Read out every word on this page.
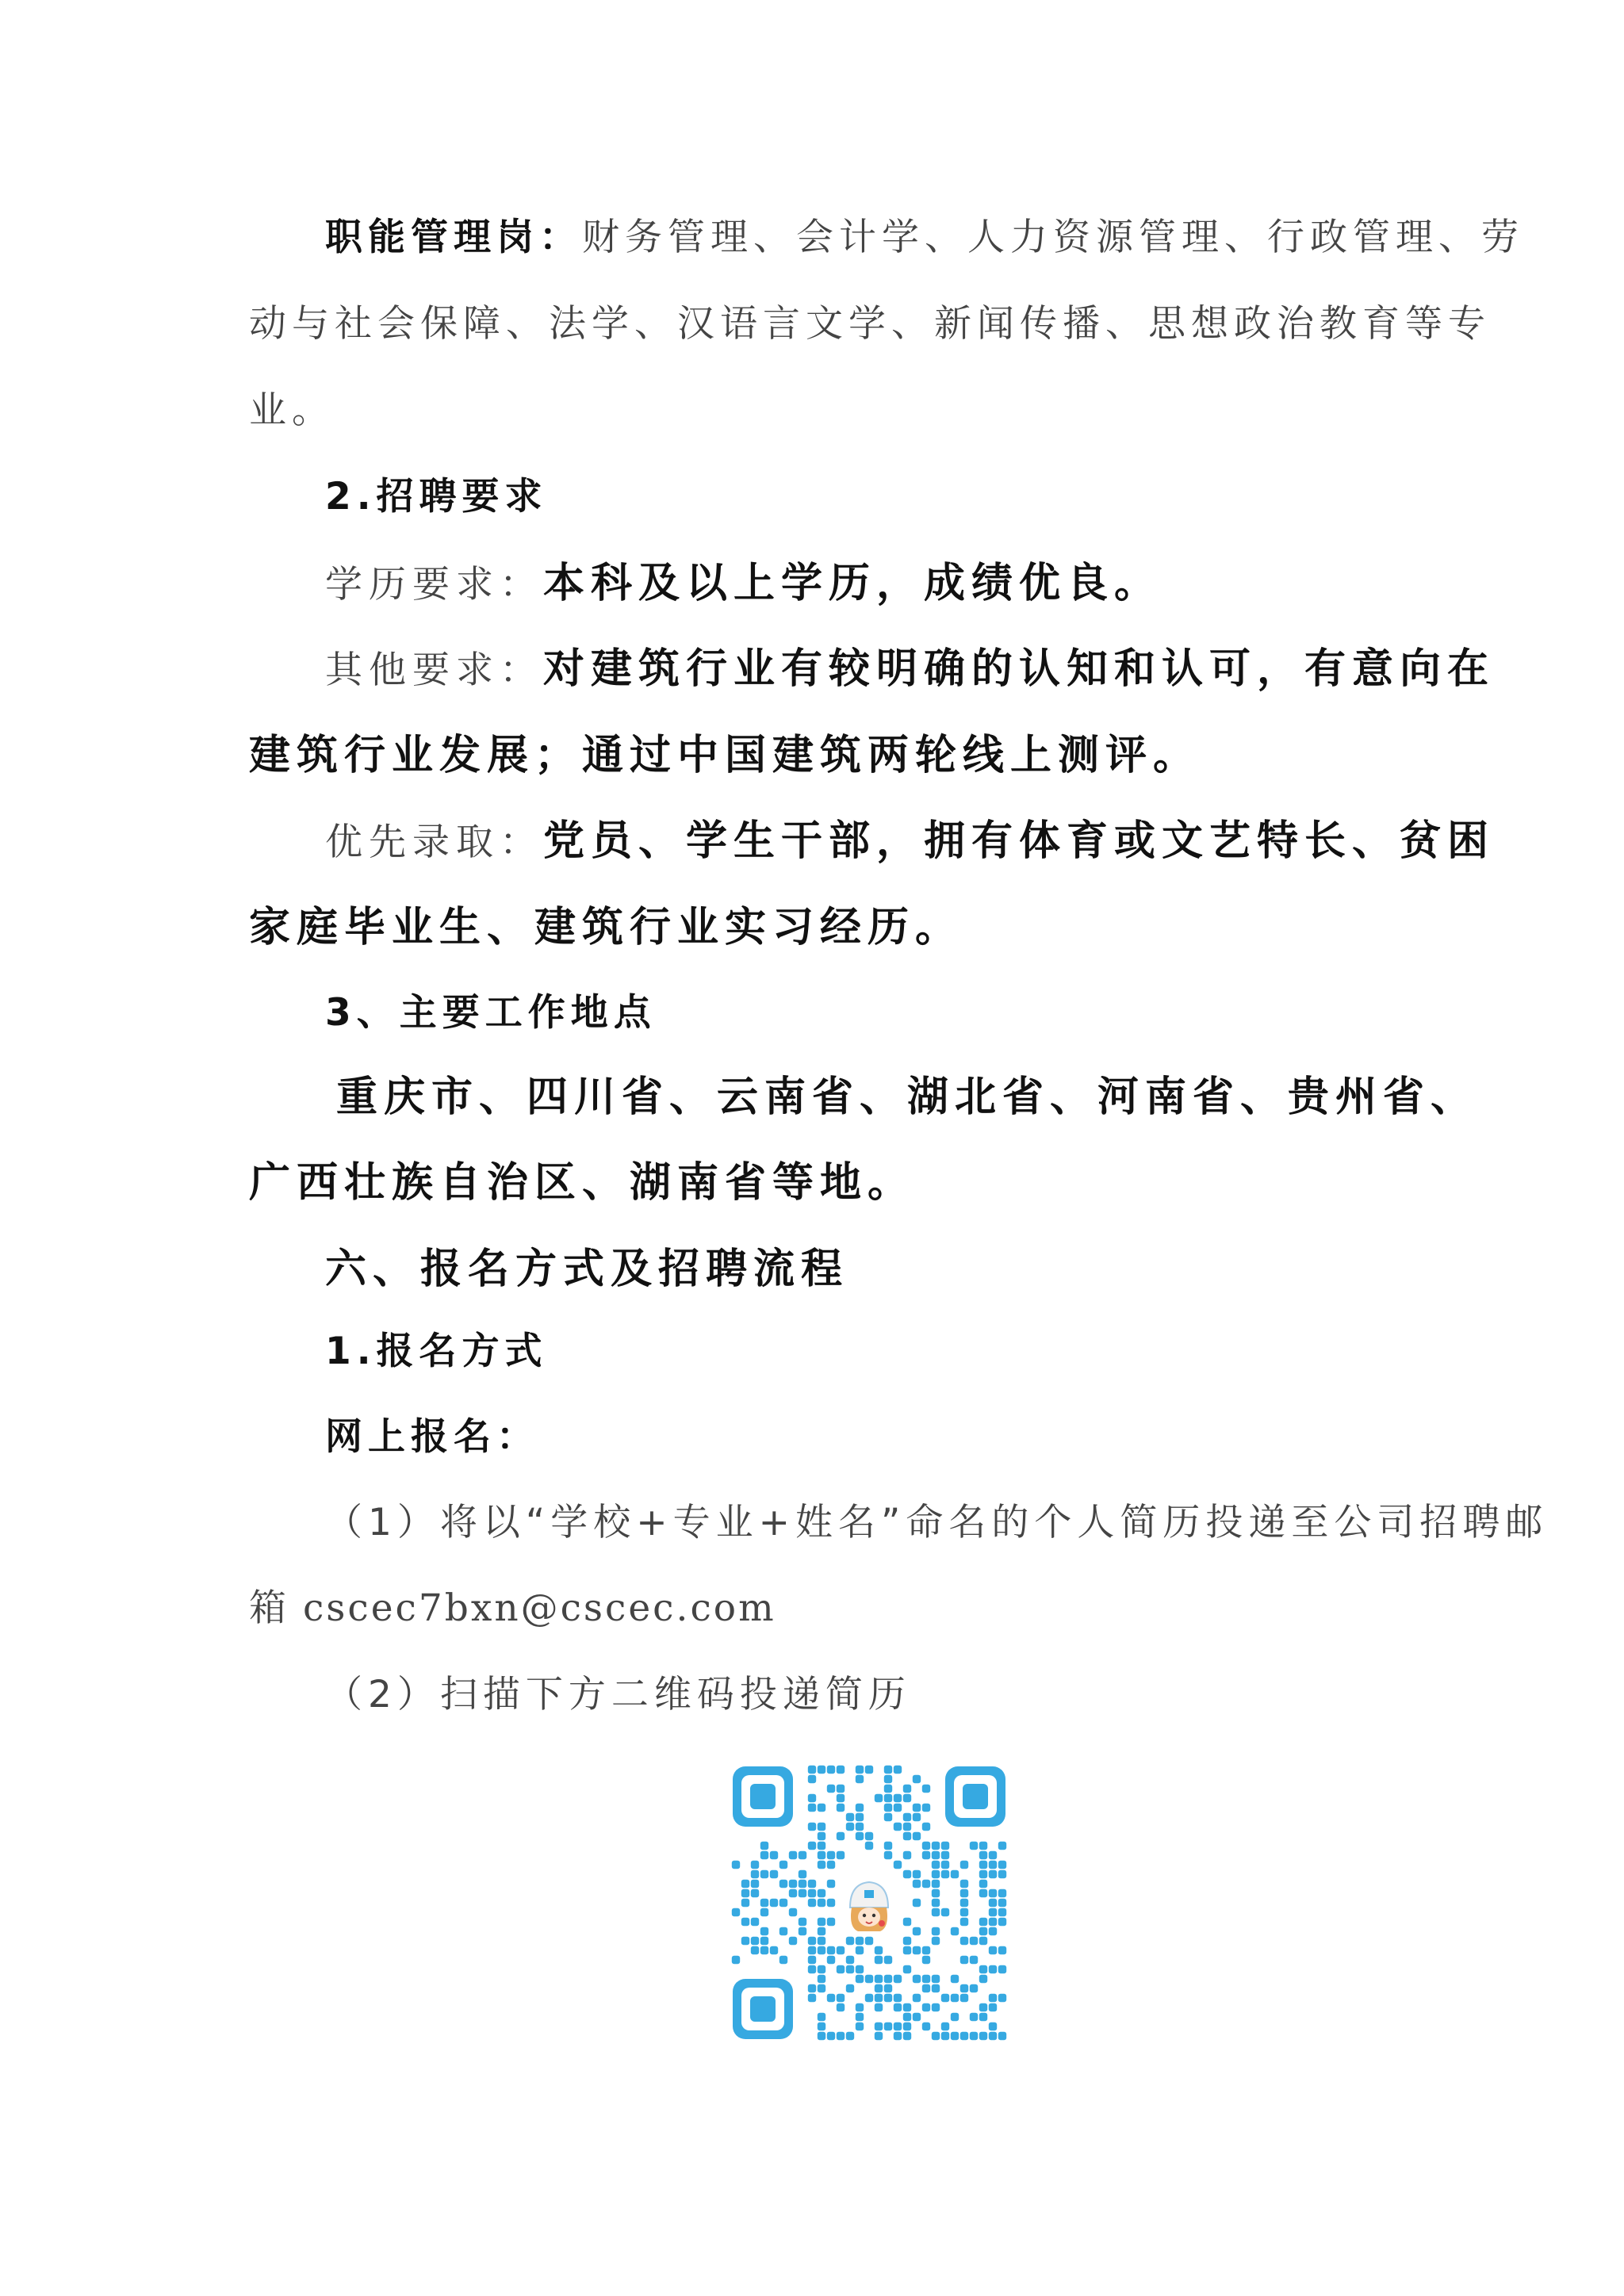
职能管理岗：财务管理、会计学、人力资源管理、行政管理、劳
动与社会保障、法学、汉语言文学、新闻传播、思想政治教育等专
业。
2.招聘要求
学历要求：本科及以上学历，成绩优良。
其他要求：对建筑行业有较明确的认知和认可，有意向在
建筑行业发展；通过中国建筑两轮线上测评。
优先录取：党员、学生干部，拥有体育或文艺特长、贫困
家庭毕业生、建筑行业实习经历。
3、主要工作地点
重庆市、四川省、云南省、湖北省、河南省、贵州省、
广西壮族自治区、湖南省等地。
六、报名方式及招聘流程
1.报名方式
网上报名：
（1）将以“学校+专业+姓名”命名的个人简历投递至公司招聘邮
箱 cscec7bxn@cscec.com
（2）扫描下方二维码投递简历
